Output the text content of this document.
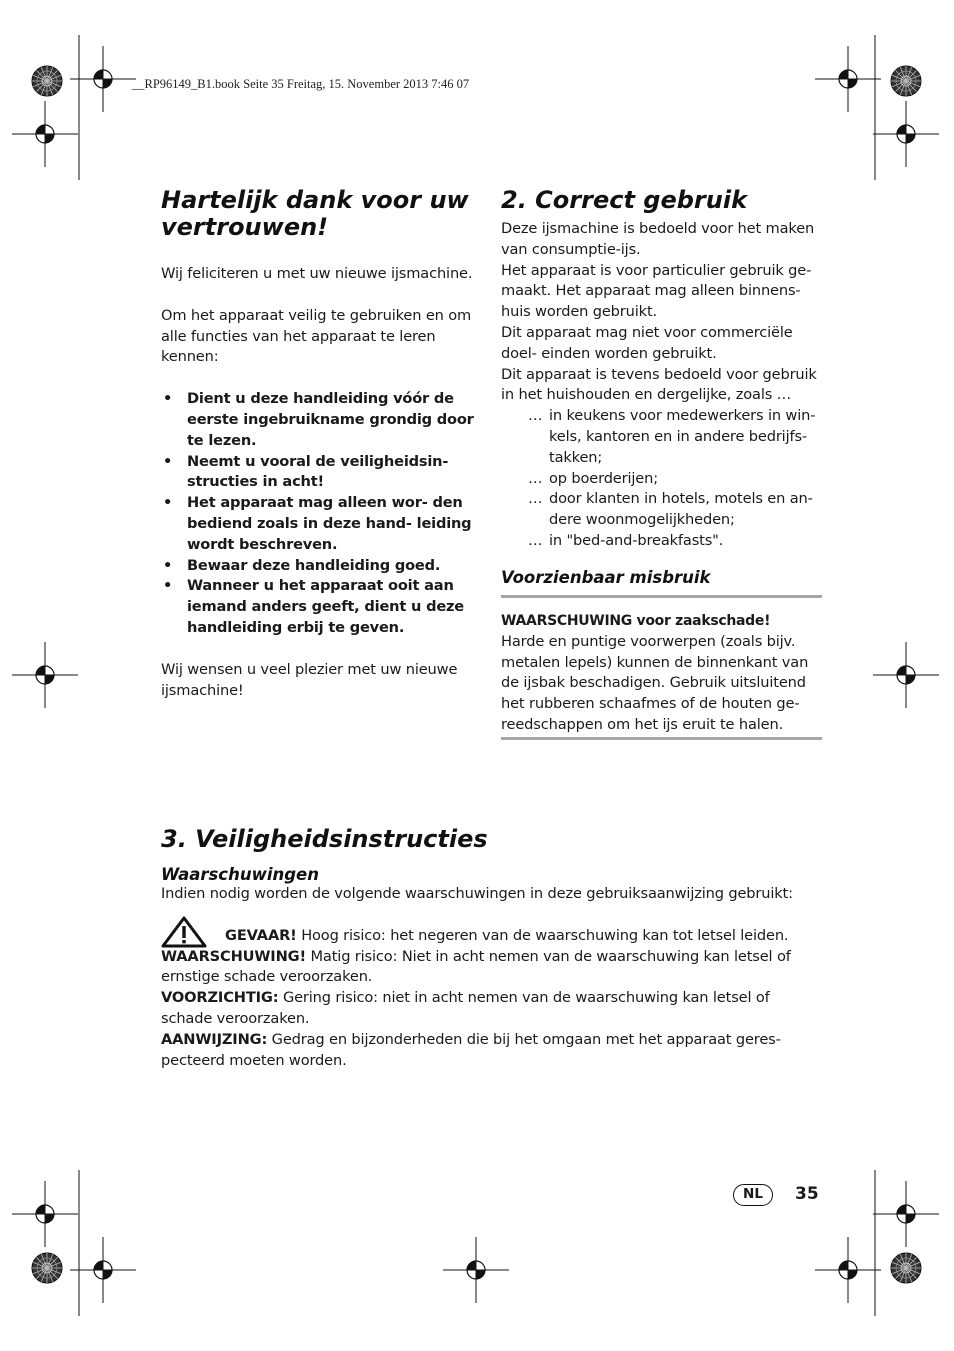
__RP96149_B1.book Seite 35 Freitag, 15. November 2013 7:46 07
Hartelijk dank voor uw vertrouwen!

Wij feliciteren u met uw nieuwe ijsmachine.

Om het apparaat veilig te gebruiken en om alle functies van het apparaat te leren kennen:

• Dient u deze handleiding vóór de eerste ingebruikname grondig door te lezen.
• Neemt u vooral de veiligheidsin- structies in acht!
• Het apparaat mag alleen wor- den bediend zoals in deze hand- leiding wordt beschreven.
• Bewaar deze handleiding goed.
• Wanneer u het apparaat ooit aan iemand anders geeft, dient u deze handleiding erbij te geven.

Wij wensen u veel plezier met uw nieuwe ijsmachine!

2. Correct gebruik

Deze ijsmachine is bedoeld voor het maken van consumptie-ijs.

Het apparaat is voor particulier gebruik ge- maakt. Het apparaat mag alleen binnens- huis worden gebruikt.

Dit apparaat mag niet voor commerciële doel- einden worden gebruikt.

Dit apparaat is tevens bedoeld voor gebruik in het huishouden en dergelijke, zoals …

… in keukens voor medewerkers in win- kels, kantoren en in andere bedrijfs- takken;
… op boerderijen;
… door klanten in hotels, motels en an- dere woonmogelijkheden;
… in "bed-and-breakfasts".
Voorzienbaar misbruik

WAARSCHUWING voor zaakschade!

Harde en puntige voorwerpen (zoals bijv. metalen lepels) kunnen de binnenkant van de ijsbak beschadigen. Gebruik uitsluitend het rubberen schaafmes of de houten ge- reedschappen om het ijs eruit te halen.

3. Veiligheidsinstructies
Waarschuwingen

Indien nodig worden de volgende waarschuwingen in deze gebruiksaanwijzing gebruikt:

GEVAAR! Hoog risico: het negeren van de waarschuwing kan tot letsel leiden.

WAARSCHUWING! Matig risico: Niet in acht nemen van de waarschuwing kan letsel of ernstige schade veroorzaken.

VOORZICHTIG: Gering risico: niet in acht nemen van de waarschuwing kan letsel of schade veroorzaken.

AANWIJZING: Gedrag en bijzonderheden die bij het omgaan met het apparaat geres- pecteerd moeten worden.

NL	35
